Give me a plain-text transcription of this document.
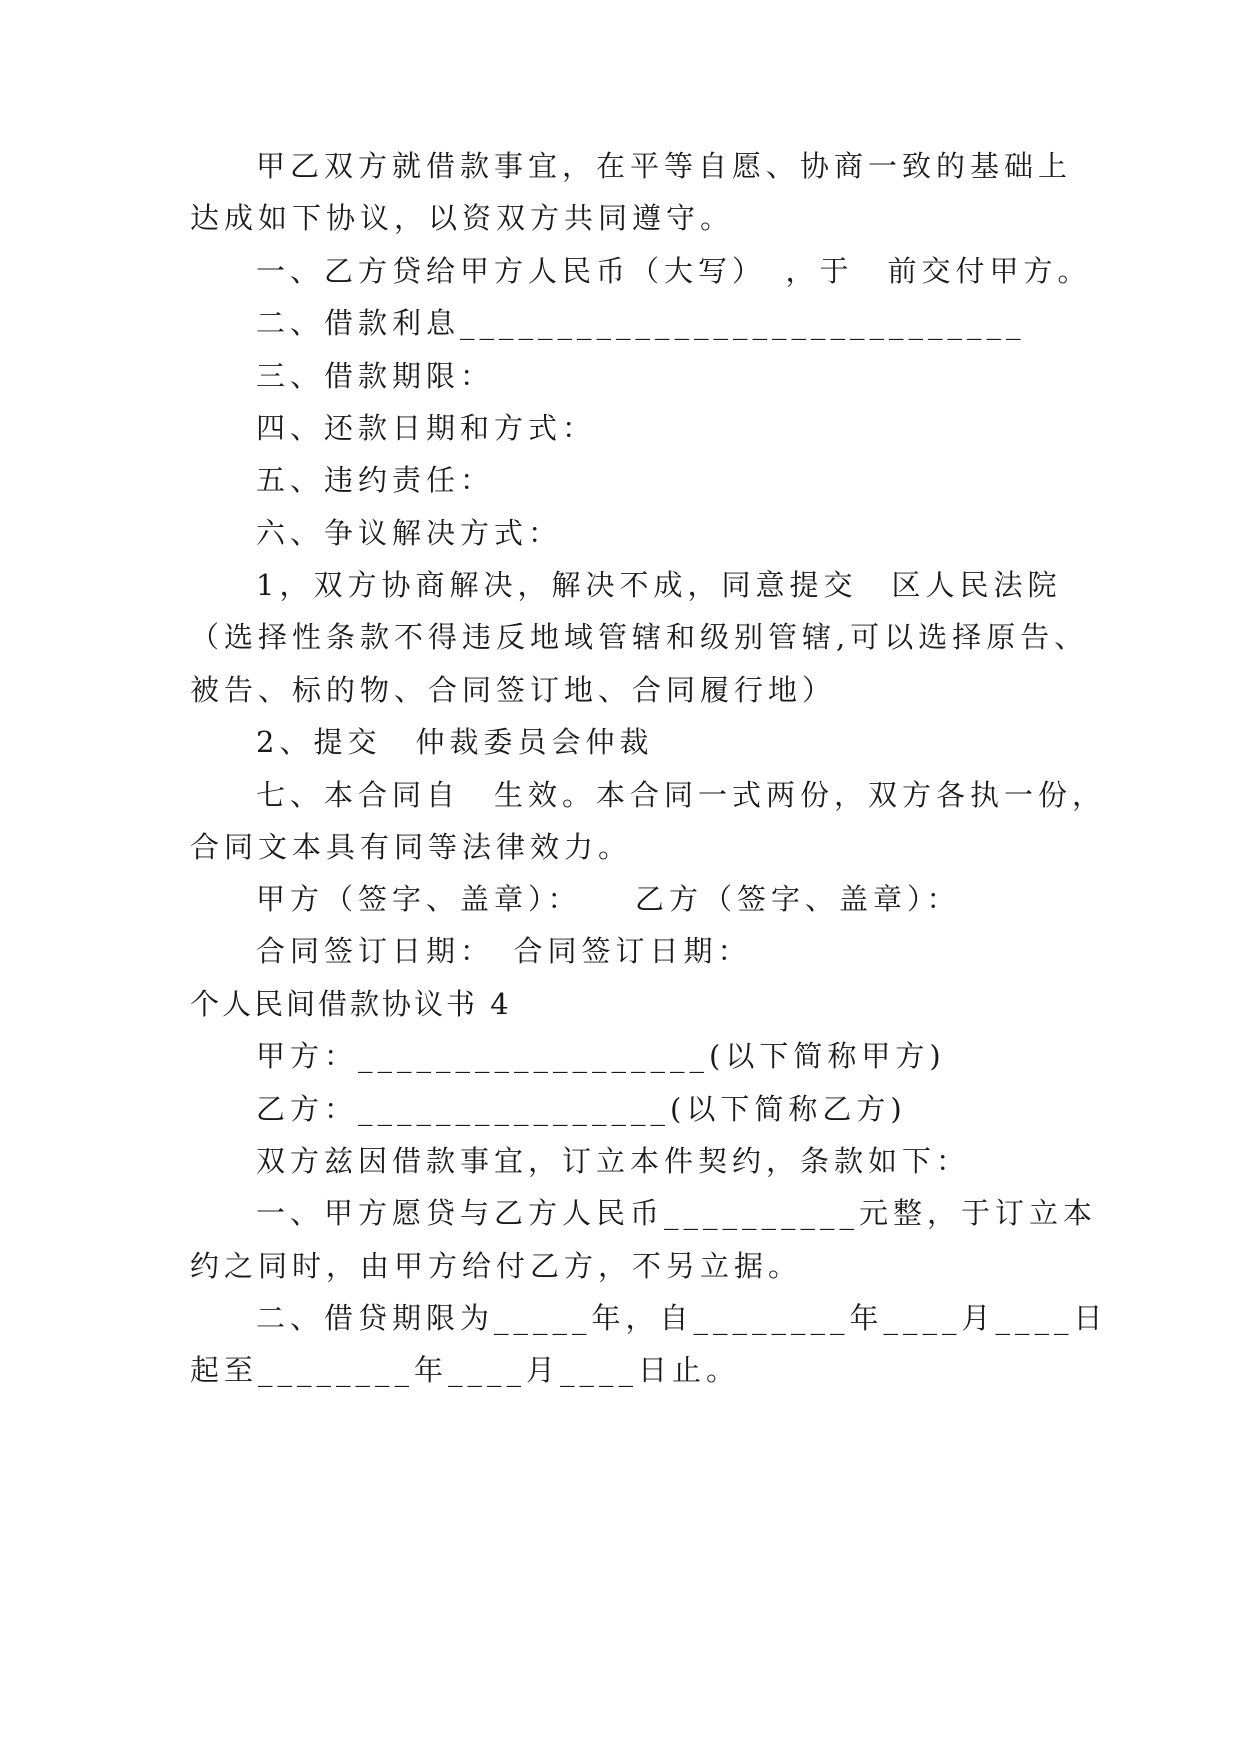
甲乙双方就借款事宜，在平等自愿、协商一致的基础上
达成如下协议，以资双方共同遵守。
一、乙方贷给甲方人民币（大写）　，于　前交付甲方。
二、借款利息_____________________________
三、借款期限：
四、还款日期和方式：
五、违约责任：
六、争议解决方式：
1，双方协商解决，解决不成，同意提交　区人民法院
（选择性条款不得违反地域管辖和级别管辖,可以选择原告、
被告、标的物、合同签订地、合同履行地）
2、提交　仲裁委员会仲裁
七、本合同自　生效。本合同一式两份，双方各执一份，
合同文本具有同等法律效力。
甲方（签字、盖章）：　　乙方（签字、盖章）：
合同签订日期：　合同签订日期：
个人民间借款协议书 4
甲方：__________________(以下简称甲方)
乙方：________________(以下简称乙方)
双方兹因借款事宜，订立本件契约，条款如下：
一、甲方愿贷与乙方人民币__________元整，于订立本
约之同时，由甲方给付乙方，不另立据。
二、借贷期限为_____年，自________年____月____日
起至________年____月____日止。
